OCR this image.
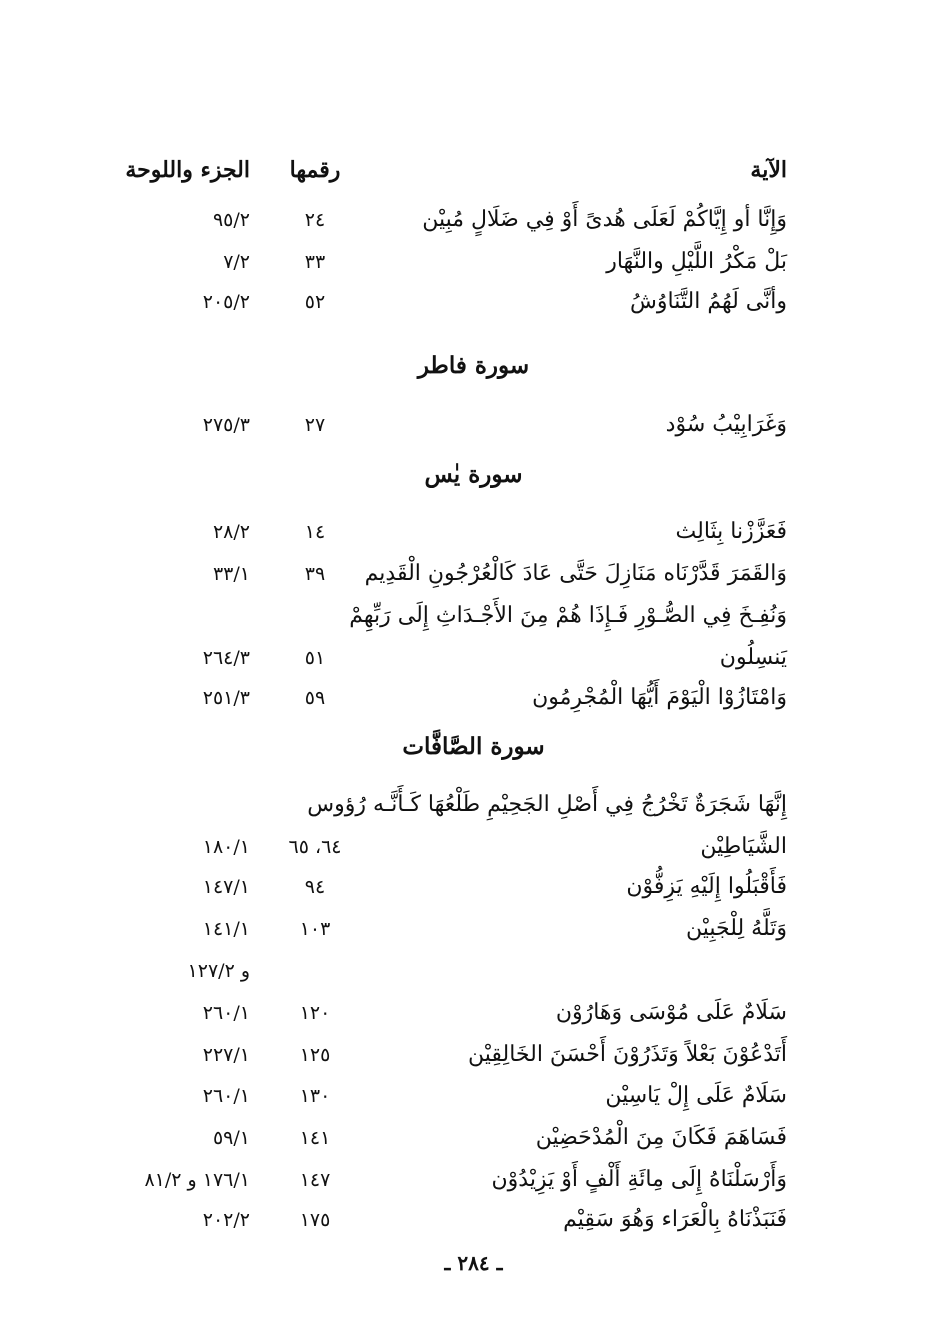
الآية
رقمها
الجزء واللوحة
وَإِنَّا أو إِيَّاكُمْ لَعَلَى هُدىً أَوْ فِي ضَلَالٍ مُبِيْن
٢٤
٩٥/٢
بَلْ مَكْرُ اللَّيْلِ والنَّهَار
٣٣
٧/٢
وأنَّى لَهُمُ التَّنَاوُشُ
٥٢
٢٠٥/٢
سورة فاطر
وَغَرَابِيْبُ سُوْد
٢٧
٢٧٥/٣
سورة يٰس
فَعَزَّزْنا بِثَالِث
١٤
٢٨/٢
وَالقَمَرَ قَدَّرْنَاه مَنَازِلَ حَتَّى عَادَ كَالْعُرْجُونِ الْقَدِيم
٣٩
٣٣/١
وَنُفِـخَ فِي الصُّـوْرِ فَـإِذَا هُمْ مِنَ الأَجْـدَاثِ إِلَى رَبِّهِمْ
يَنسِلُون
٥١
٢٦٤/٣
وَامْتَازُوْا الْيَوْمَ أَيُّهَا الْمُجْرِمُون
٥٩
٢٥١/٣
سورة الصَّافَّات
إِنَّهَا شَجَرَةٌ تَخْرُجُ فِي أَصْلِ الجَحِيْمِ طَلْعُهَا كَـأَنَّـه رُؤوس
الشَّيَاطِيْن
٦٤، ٦٥
١٨٠/١
فَأَقْبَلُوا إِلَيْهِ يَزِفُّوْن
٩٤
١٤٧/١
وَتَلَّهُ لِلْجَبِيْن
١٠٣
١٤١/١
و ١٢٧/٢
سَلَامٌ عَلَى مُوْسَى وَهَارُوْن
١٢٠
٢٦٠/١
أَتَدْعُوْنَ بَعْلاً وَتَذَرُوْنَ أَحْسَنَ الخَالِقِيْن
١٢٥
٢٢٧/١
سَلَامٌ عَلَى إِلْ يَاسِيْن
١٣٠
٢٦٠/١
فَسَاهَمَ فَكَانَ مِنَ الْمُدْحَضِيْن
١٤١
٥٩/١
وَأَرْسَلْنَاهُ إِلَى مِائَةِ أَلْفٍ أَوْ يَزِيْدُوْن
١٤٧
١٧٦/١ و ٨١/٢
فَنَبَذْنَاهُ بِالْعَرَاء وَهُوَ سَقِيْم
١٧٥
٢٠٢/٢
ـ ٢٨٤ ـ
